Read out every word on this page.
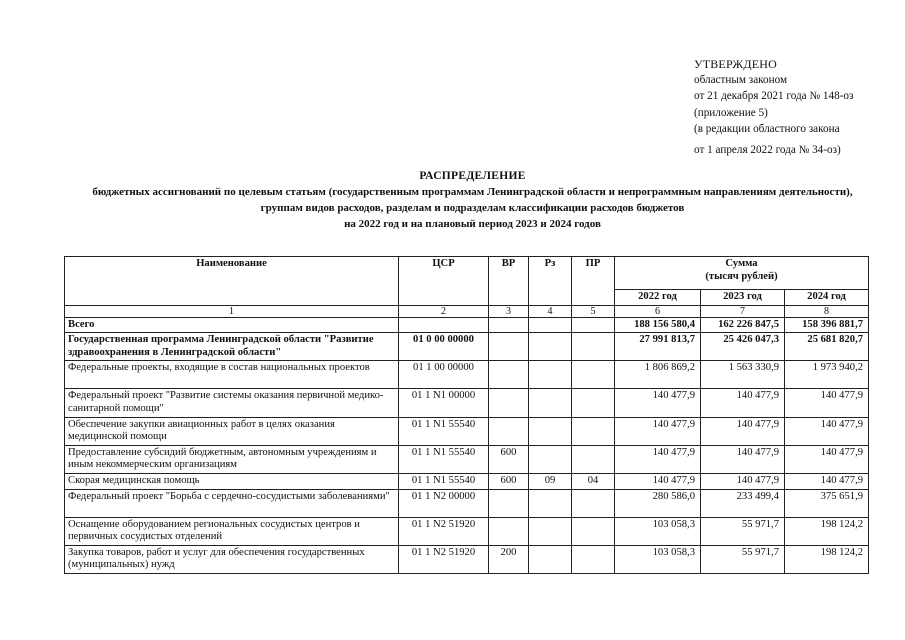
УТВЕРЖДЕНО
областным законом
от 21 декабря 2021 года № 148-оз
(приложение 5)
(в редакции областного закона
от 1 апреля 2022 года № 34-оз)
РАСПРЕДЕЛЕНИЕ
бюджетных ассигнований по целевым статьям (государственным программам Ленинградской области и непрограммным направлениям деятельности),
группам видов расходов, разделам и подразделам классификации расходов бюджетов
на 2022 год и на плановый период 2023 и 2024 годов
Наименование	ЦСР	ВР	Рз	ПР	Сумма
(тысяч рублей)		

					2022 год	2023 год	2024 год
1	2	3	4	5	6	7	8
Всего					188 156 580,4	162 226 847,5	158 396 881,7
Государственная программа Ленинградской области "Развитие здравоохранения в Ленинградской области"	01 0 00 00000				27 991 813,7	25 426 047,3	25 681 820,7
Федеральные проекты, входящие в состав национальных проектов	01 1 00 00000				1 806 869,2	1 563 330,9	1 973 940,2
Федеральный проект "Развитие системы оказания первичной медико-санитарной помощи"	01 1 N1 00000				140 477,9	140 477,9	140 477,9
Обеспечение закупки авиационных работ в целях оказания медицинской помощи	01 1 N1 55540				140 477,9	140 477,9	140 477,9
Предоставление субсидий бюджетным, автономным учреждениям и иным некоммерческим организациям	01 1 N1 55540	600			140 477,9	140 477,9	140 477,9
Скорая медицинская помощь	01 1 N1 55540	600	09	04	140 477,9	140 477,9	140 477,9
Федеральный проект "Борьба с сердечно-сосудистыми заболеваниями"	01 1 N2 00000				280 586,0	233 499,4	375 651,9
Оснащение оборудованием региональных сосудистых центров и первичных сосудистых отделений	01 1 N2 51920				103 058,3	55 971,7	198 124,2
Закупка товаров, работ и услуг для обеспечения государственных (муниципальных) нужд	01 1 N2 51920	200			103 058,3	55 971,7	198 124,2
